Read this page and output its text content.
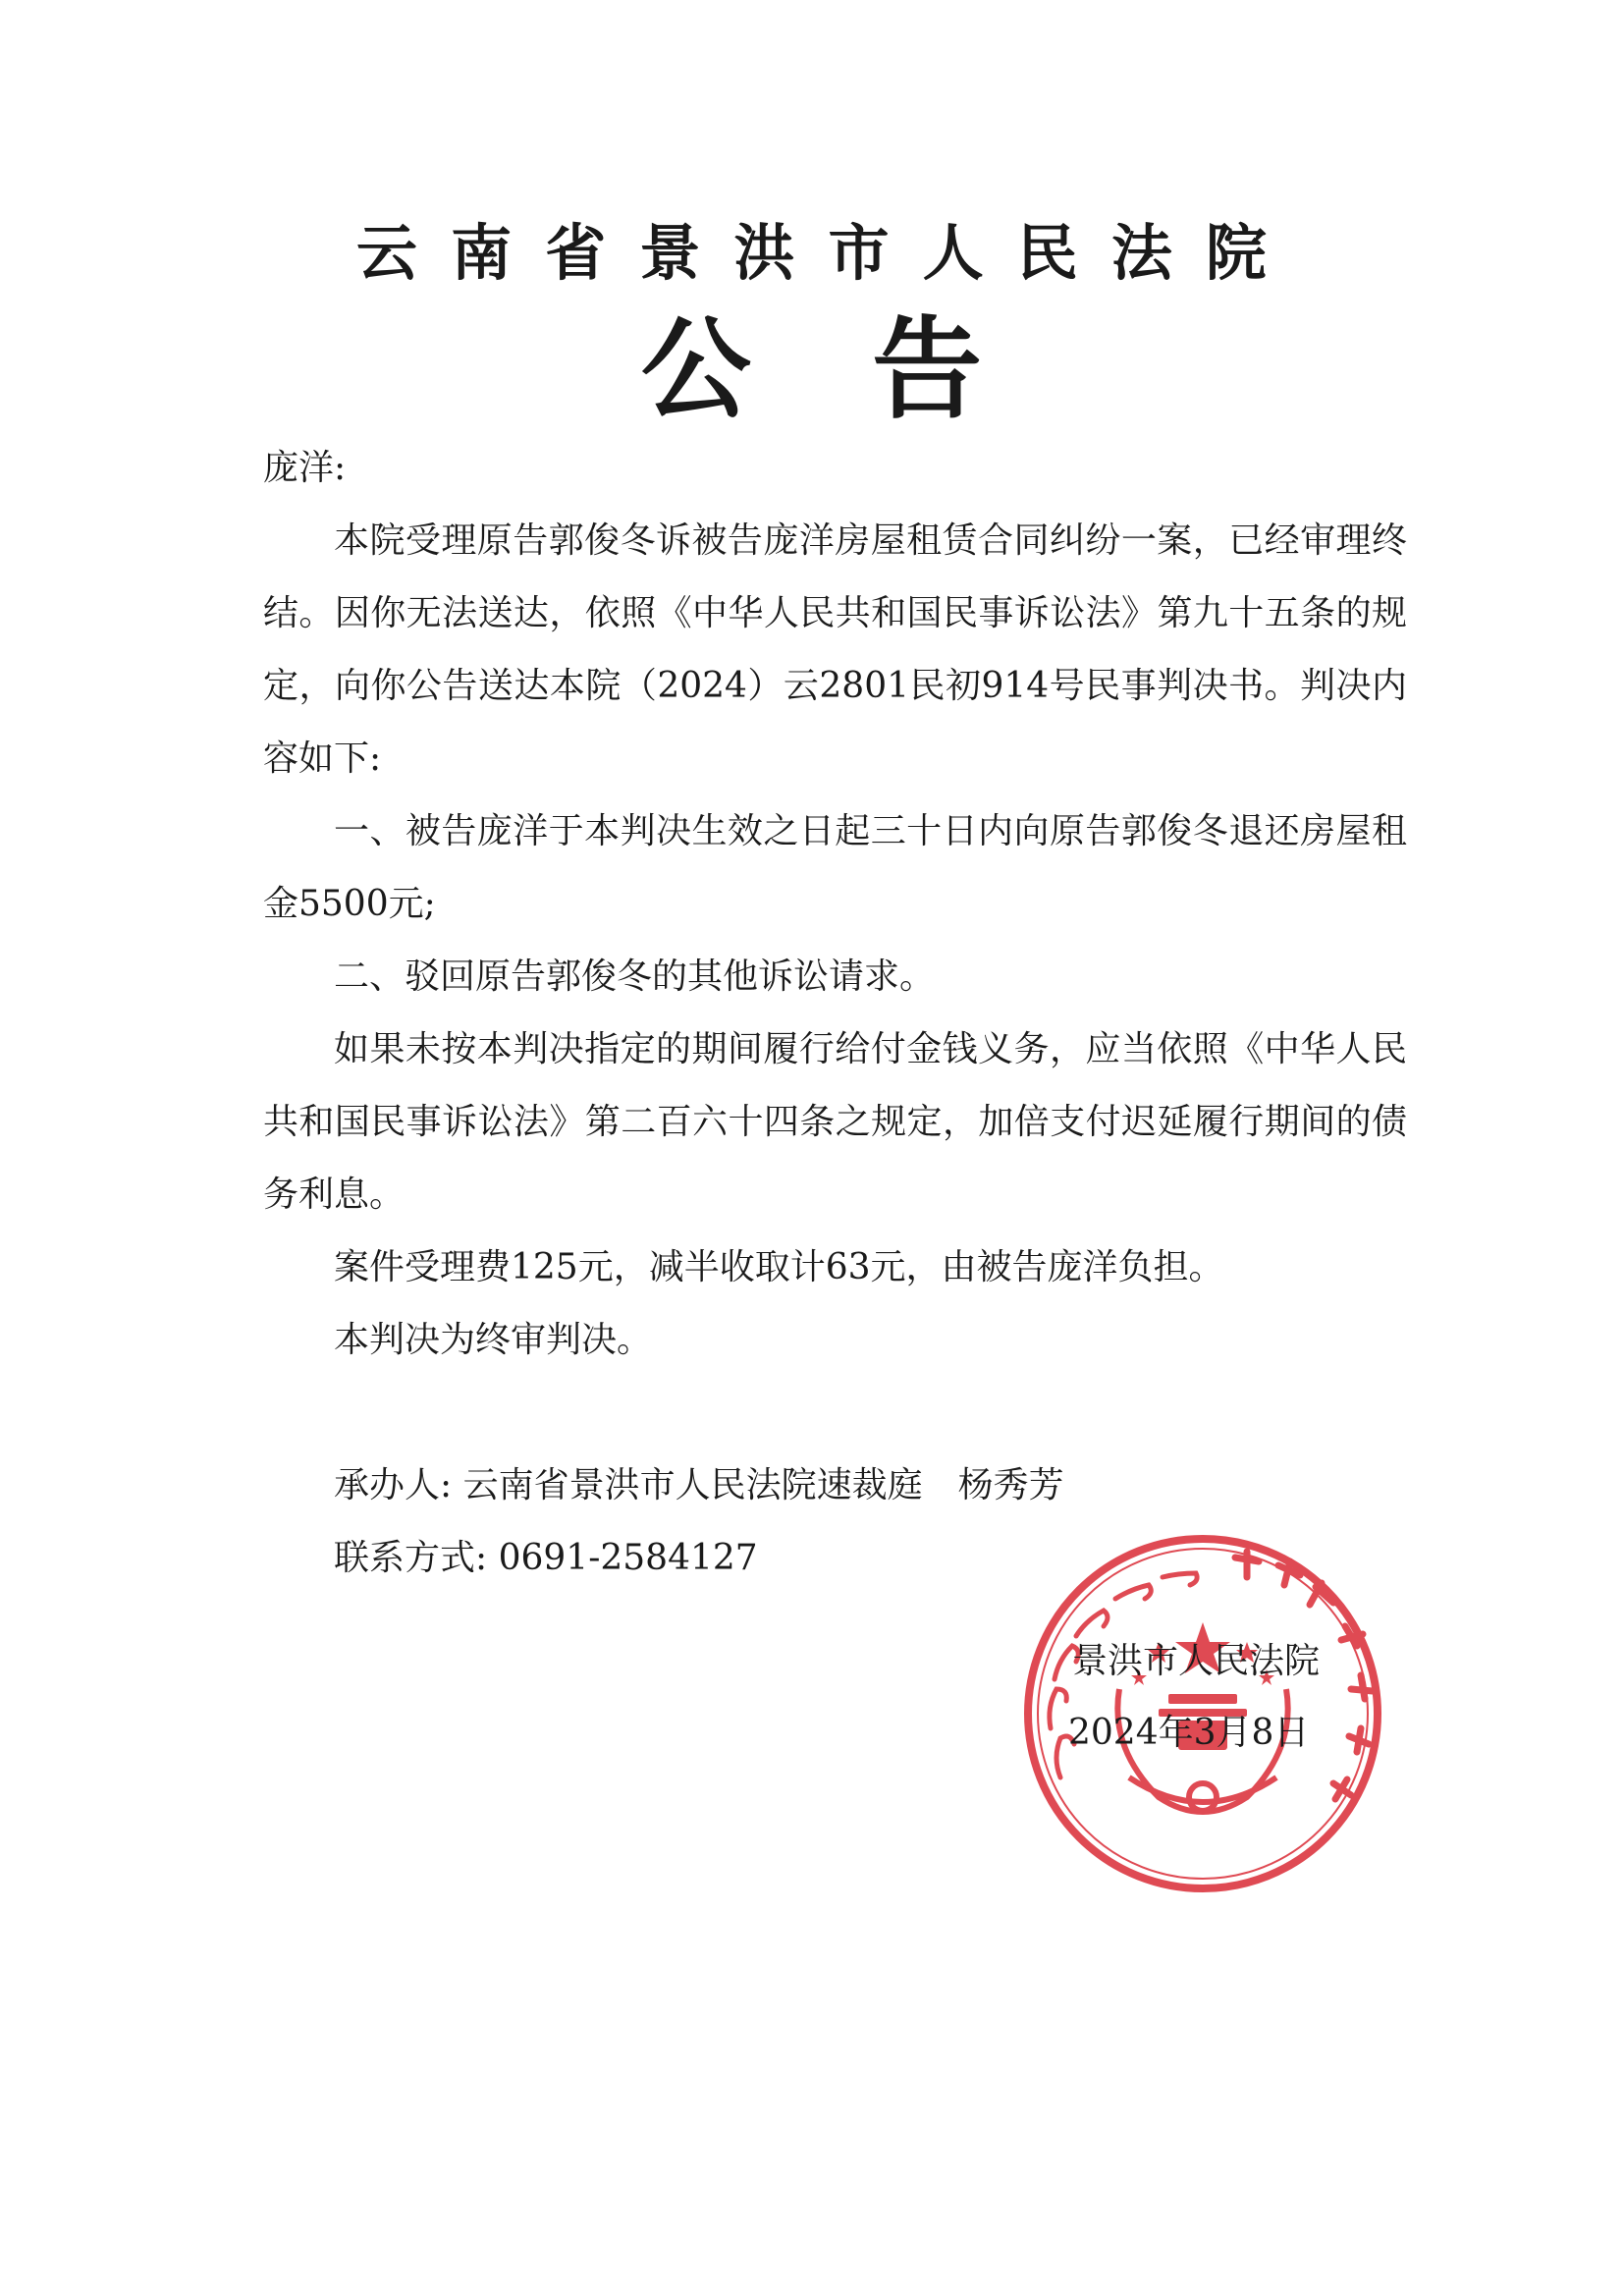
云南省景洪市人民法院
公告

庞洋:

本院受理原告郭俊冬诉被告庞洋房屋租赁合同纠纷一案，已经审理终结。因你无法送达，依照《中华人民共和国民事诉讼法》第九十五条的规定，向你公告送达本院（2024）云2801民初914号民事判决书。判决内容如下:

一、被告庞洋于本判决生效之日起三十日内向原告郭俊冬退还房屋租金5500元;

二、驳回原告郭俊冬的其他诉讼请求。

如果未按本判决指定的期间履行给付金钱义务，应当依照《中华人民共和国民事诉讼法》第二百六十四条之规定，加倍支付迟延履行期间的债务利息。

案件受理费125元，减半收取计63元，由被告庞洋负担。

本判决为终审判决。

承办人: 云南省景洪市人民法院速裁庭　杨秀芳

联系方式: 0691-2584127

景洪市人民法院
2024年3月8日
